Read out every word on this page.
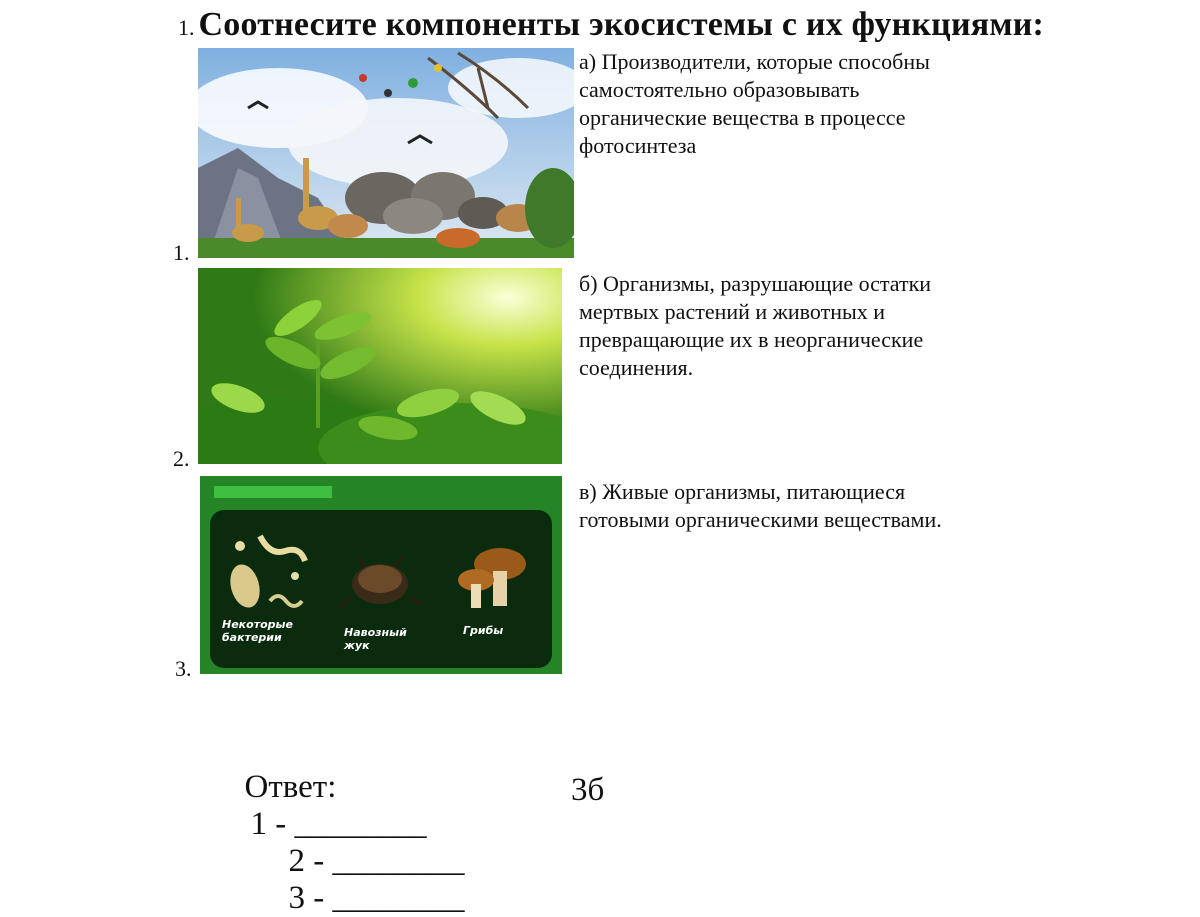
1. Соотнесите компоненты экосистемы с их функциями:
1.
а) Производители, которые способны
самостоятельно образовывать
органические вещества в процессе
фотосинтеза
2.
б) Организмы, разрушающие остатки
мертвых растений и животных и
превращающие их в неорганические
соединения.
Некоторые бактерии	Навозный жук
Грибы
3.
в) Живые организмы, питающиеся
готовыми органическими веществами.

Ответ:
1 - ________
2 - ________
3 - ________

3б
